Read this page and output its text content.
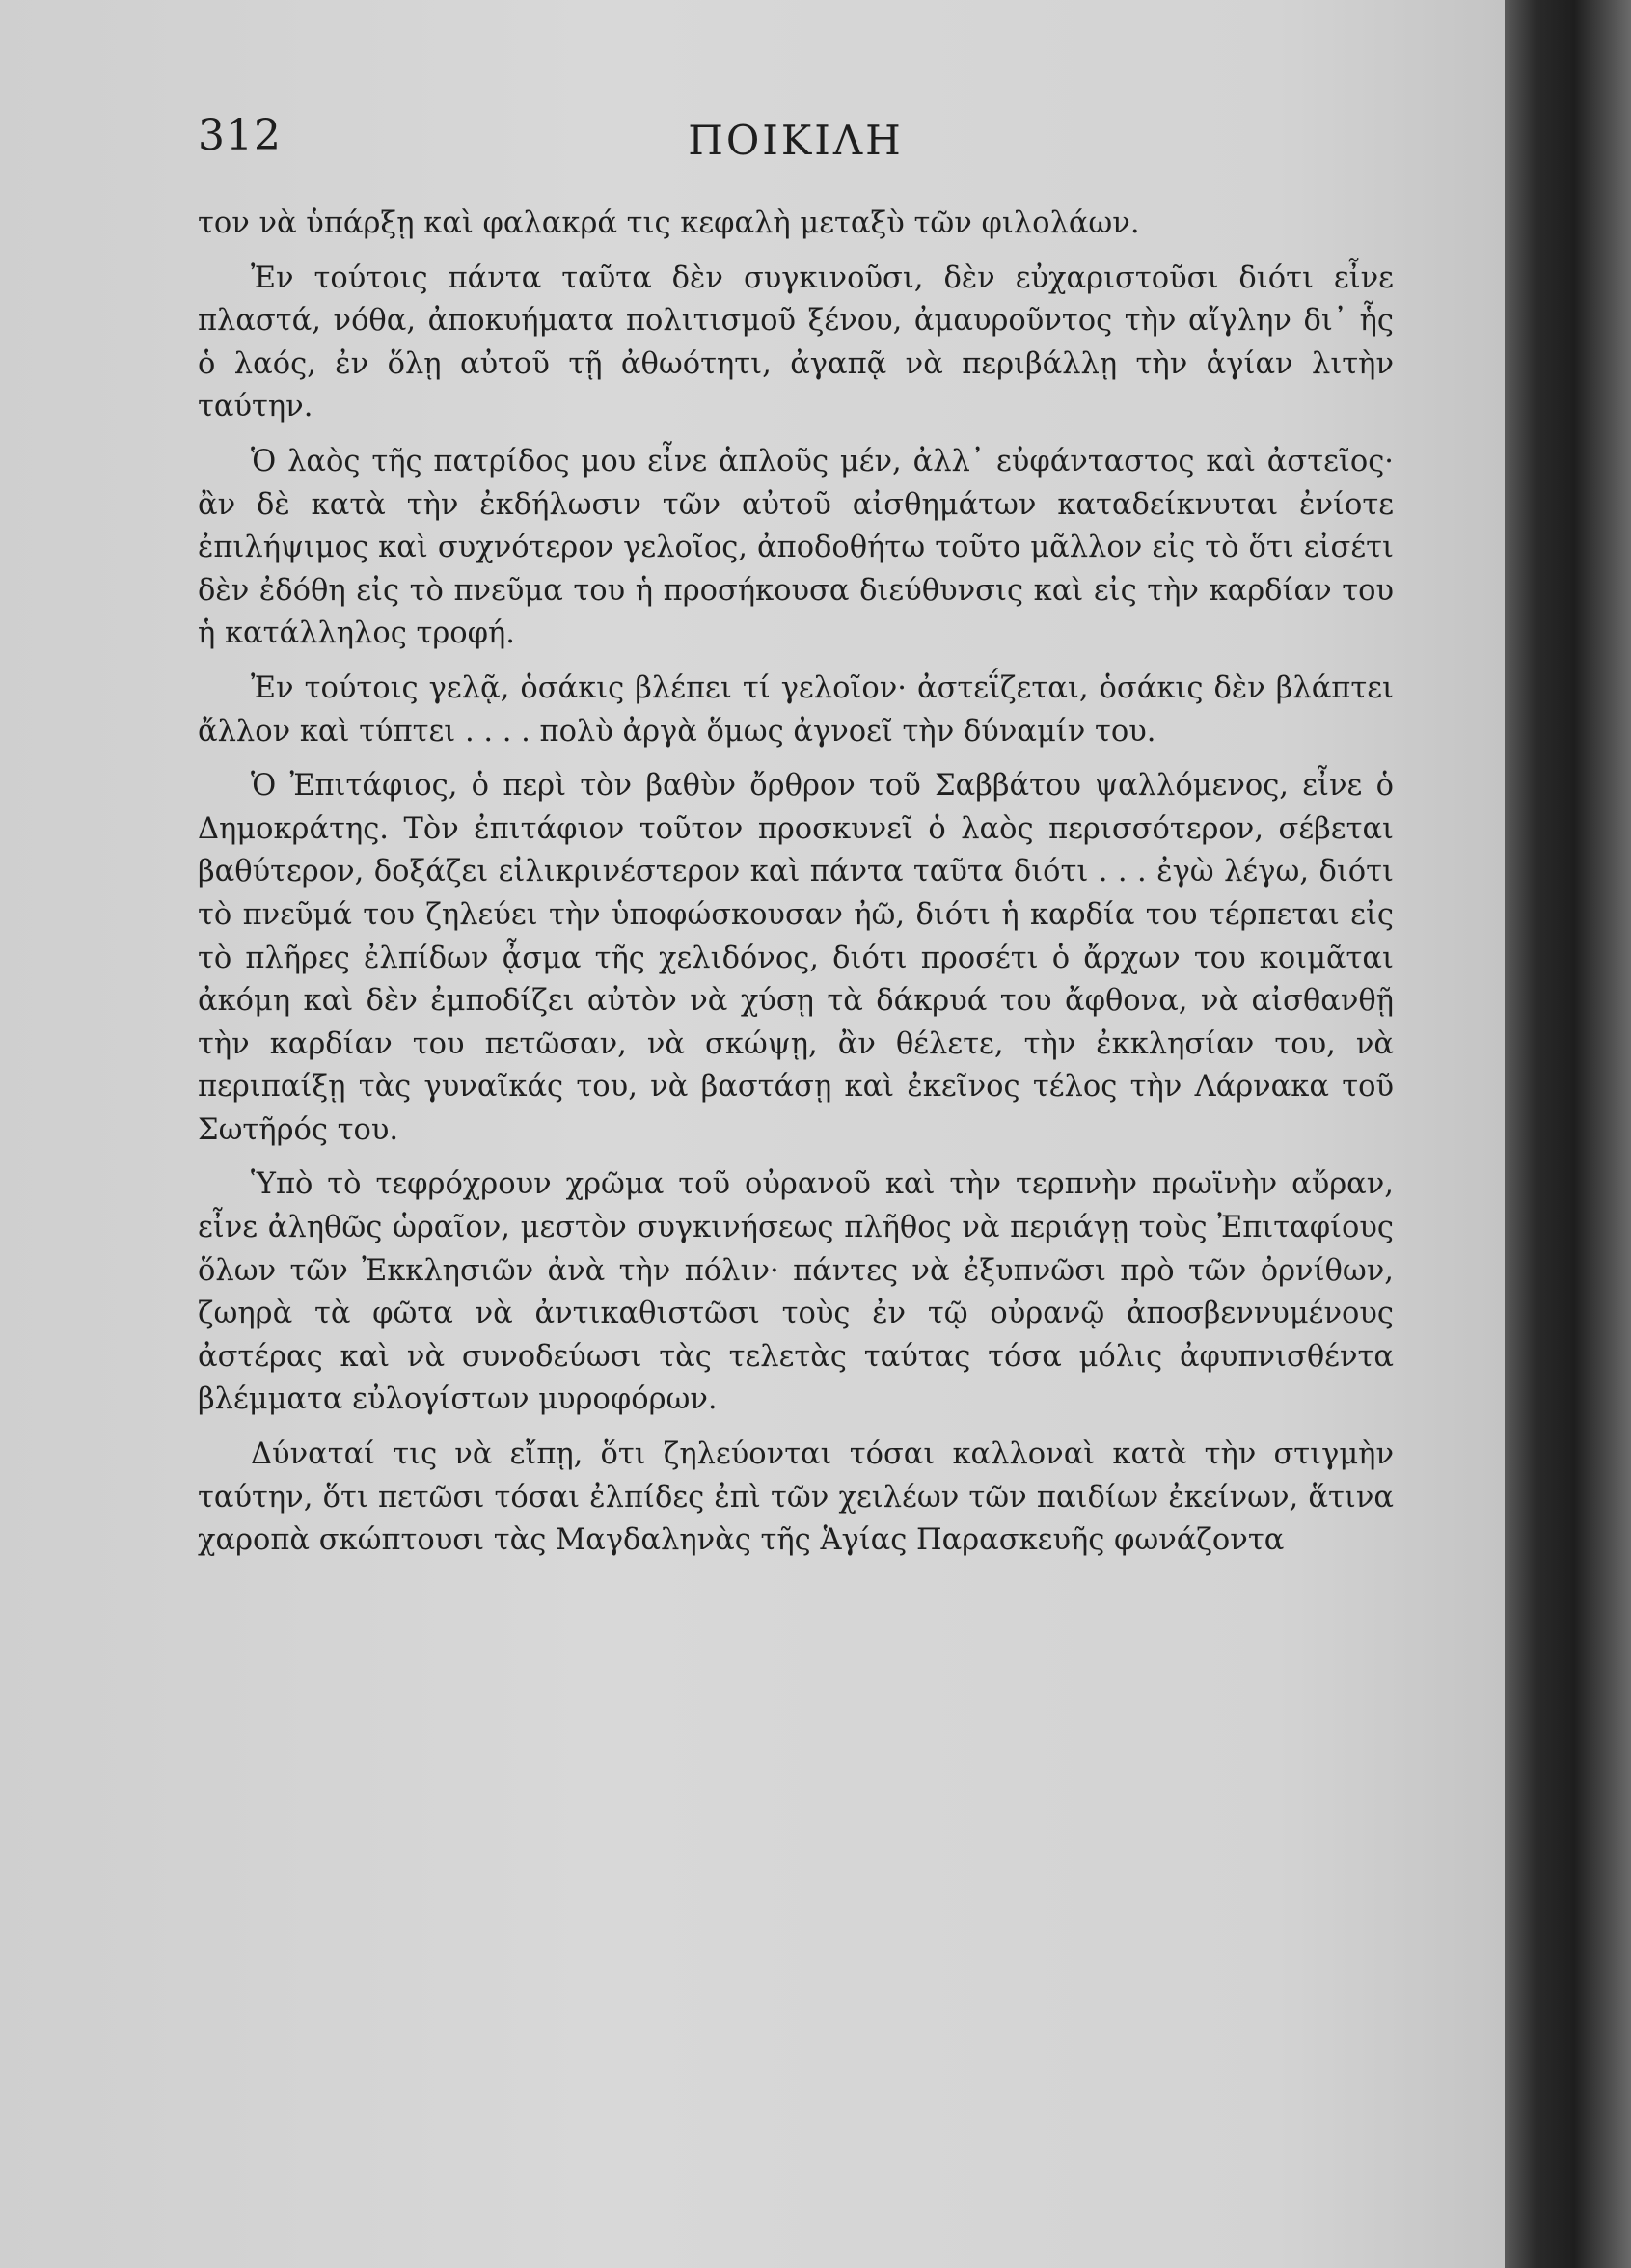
312	ΠΟΙΚΙΛΗ

τον νὰ ὑπάρξῃ καὶ φαλακρά τις κεφαλὴ μεταξὺ τῶν φιλολάων.

Ἐν τούτοις πάντα ταῦτα δὲν συγκινοῦσι, δὲν εὐχαριστοῦσι διότι εἶνε πλαστά, νόθα, ἀποκυήματα πολιτισμοῦ ξένου, ἀμαυροῦντος τὴν αἴγλην δι᾽ ἧς ὁ λαός, ἐν ὅλῃ αὐτοῦ τῇ ἀθωότητι, ἀγαπᾷ νὰ περιβάλλῃ τὴν ἁγίαν λιτὴν ταύτην.

Ὁ λαὸς τῆς πατρίδος μου εἶνε ἁπλοῦς μέν, ἀλλ᾽ εὐφάνταστος καὶ ἀστεῖος· ἂν δὲ κατὰ τὴν ἐκδήλωσιν τῶν αὐτοῦ αἰσθημάτων καταδείκνυται ἐνίοτε ἐπιλήψιμος καὶ συχνότερον γελοῖος, ἀποδοθήτω τοῦτο μᾶλλον εἰς τὸ ὅτι εἰσέτι δὲν ἐδόθη εἰς τὸ πνεῦμα του ἡ προσήκουσα διεύθυνσις καὶ εἰς τὴν καρδίαν του ἡ κατάλληλος τροφή.

Ἐν τούτοις γελᾷ, ὁσάκις βλέπει τί γελοῖον· ἀστεΐζεται, ὁσάκις δὲν βλάπτει ἄλλον καὶ τύπτει . . . . πολὺ ἀργὰ ὅμως ἀγνοεῖ τὴν δύναμίν του.

Ὁ Ἐπιτάφιος, ὁ περὶ τὸν βαθὺν ὄρθρον τοῦ Σαββάτου ψαλλόμενος, εἶνε ὁ Δημοκράτης. Τὸν ἐπιτάφιον τοῦτον προσκυνεῖ ὁ λαὸς περισσότερον, σέβεται βαθύτερον, δοξάζει εἰλικρινέστερον καὶ πάντα ταῦτα διότι . . . ἐγὼ λέγω, διότι τὸ πνεῦμά του ζηλεύει τὴν ὑποφώσκουσαν ἠῶ, διότι ἡ καρδία του τέρπεται εἰς τὸ πλῆρες ἐλπίδων ᾆσμα τῆς χελιδόνος, διότι προσέτι ὁ ἄρχων του κοιμᾶται ἀκόμη καὶ δὲν ἐμποδίζει αὐτὸν νὰ χύσῃ τὰ δάκρυά του ἄφθονα, νὰ αἰσθανθῇ τὴν καρδίαν του πετῶσαν, νὰ σκώψῃ, ἂν θέλετε, τὴν ἐκκλησίαν του, νὰ περιπαίξῃ τὰς γυναῖκάς του, νὰ βαστάσῃ καὶ ἐκεῖνος τέλος τὴν Λάρνακα τοῦ Σωτῆρός του.

Ὑπὸ τὸ τεφρόχρουν χρῶμα τοῦ οὐρανοῦ καὶ τὴν τερπνὴν πρωϊνὴν αὔραν, εἶνε ἀληθῶς ὡραῖον, μεστὸν συγκινήσεως πλῆθος νὰ περιάγῃ τοὺς Ἐπιταφίους ὅλων τῶν Ἐκκλησιῶν ἀνὰ τὴν πόλιν· πάντες νὰ ἐξυπνῶσι πρὸ τῶν ὀρνίθων, ζωηρὰ τὰ φῶτα νὰ ἀντικαθιστῶσι τοὺς ἐν τῷ οὐρανῷ ἀποσβεννυμένους ἀστέρας καὶ νὰ συνοδεύωσι τὰς τελετὰς ταύτας τόσα μόλις ἀφυπνισθέντα βλέμματα εὐλογίστων μυροφόρων.

Δύναταί τις νὰ εἴπῃ, ὅτι ζηλεύονται τόσαι καλλοναὶ κατὰ τὴν στιγμὴν ταύτην, ὅτι πετῶσι τόσαι ἐλπίδες ἐπὶ τῶν χειλέων τῶν παιδίων ἐκείνων, ἅτινα χαροπὰ σκώπτουσι τὰς Μαγδαληνὰς τῆς Ἁγίας Παρασκευῆς φωνάζοντα
